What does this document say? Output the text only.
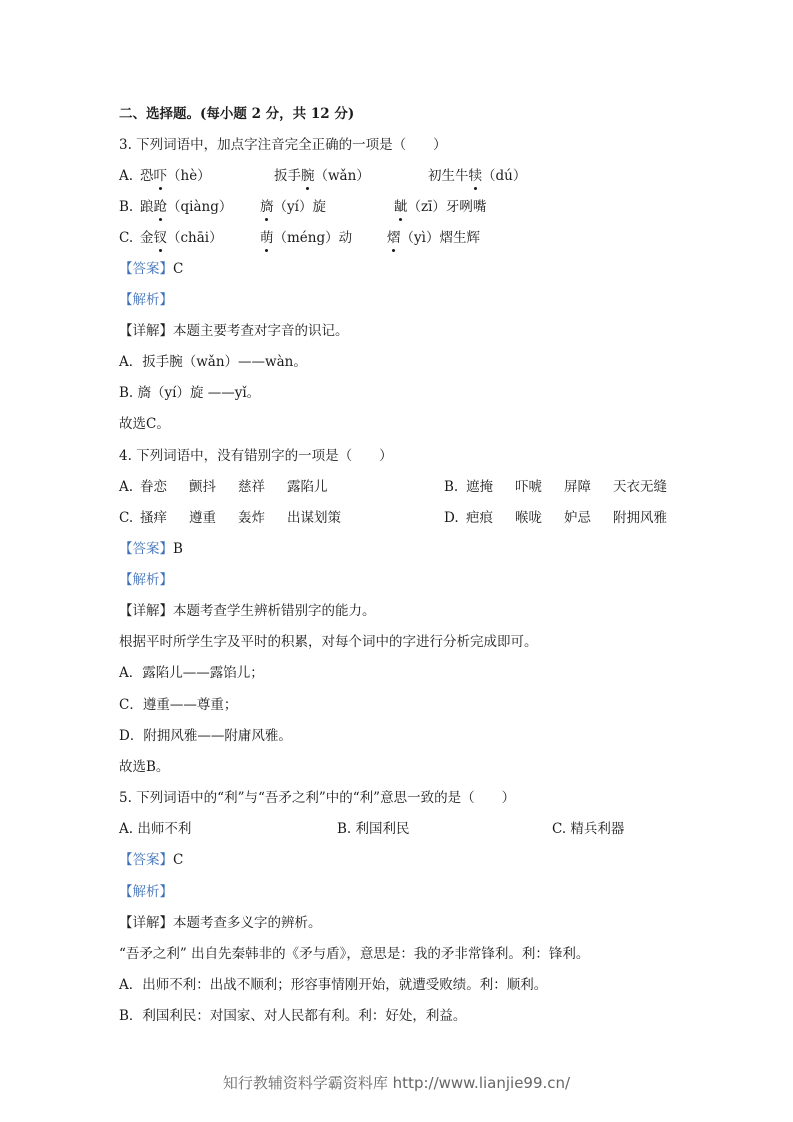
二、选择题。(每小题 2 分，共 12 分)
3. 下列词语中，加点字注音完全正确的一项是（　　）
A. 恐吓（hè）	扳手腕（wǎn）	初生牛犊（dú）
B. 踉跄（qiàng） 旖（yí）旋	龇（zī）牙咧嘴
C. 金钗（chāi）	萌（méng）动	熠（yì）熠生辉
【答案】C
【解析】
【详解】本题主要考查对字音的识记。
A．扳手腕（wǎn）——wàn。
B. 旖（yí）旋 ——yǐ。
故选C。
4. 下列词语中，没有错别字的一项是（　　）
A. 眷恋 颤抖 慈祥 露陷儿	B. 遮掩 吓唬 屏障 天衣无缝
C. 搔痒 遵重 轰炸 出谋划策	D. 疤痕 喉咙 妒忌 附拥风雅
【答案】B
【解析】
【详解】本题考查学生辨析错别字的能力。
根据平时所学生字及平时的积累，对每个词中的字进行分析完成即可。
A．露陷儿——露馅儿；
C．遵重——尊重；
D．附拥风雅——附庸风雅。
故选B。
5. 下列词语中的“利”与“吾矛之利”中的“利”意思一致的是（　　）
A. 出师不利	B. 利国利民	C. 精兵利器
【答案】C
【解析】
【详解】本题考查多义字的辨析。
“吾矛之利” 出自先秦韩非的《矛与盾》，意思是：我的矛非常锋利。利：锋利。
A．出师不利：出战不顺利；形容事情刚开始，就遭受败绩。利：顺利。
B．利国利民：对国家、对人民都有利。利：好处，利益。
知行教辅资料学霸资料库 http://www.lianjie99.cn/
